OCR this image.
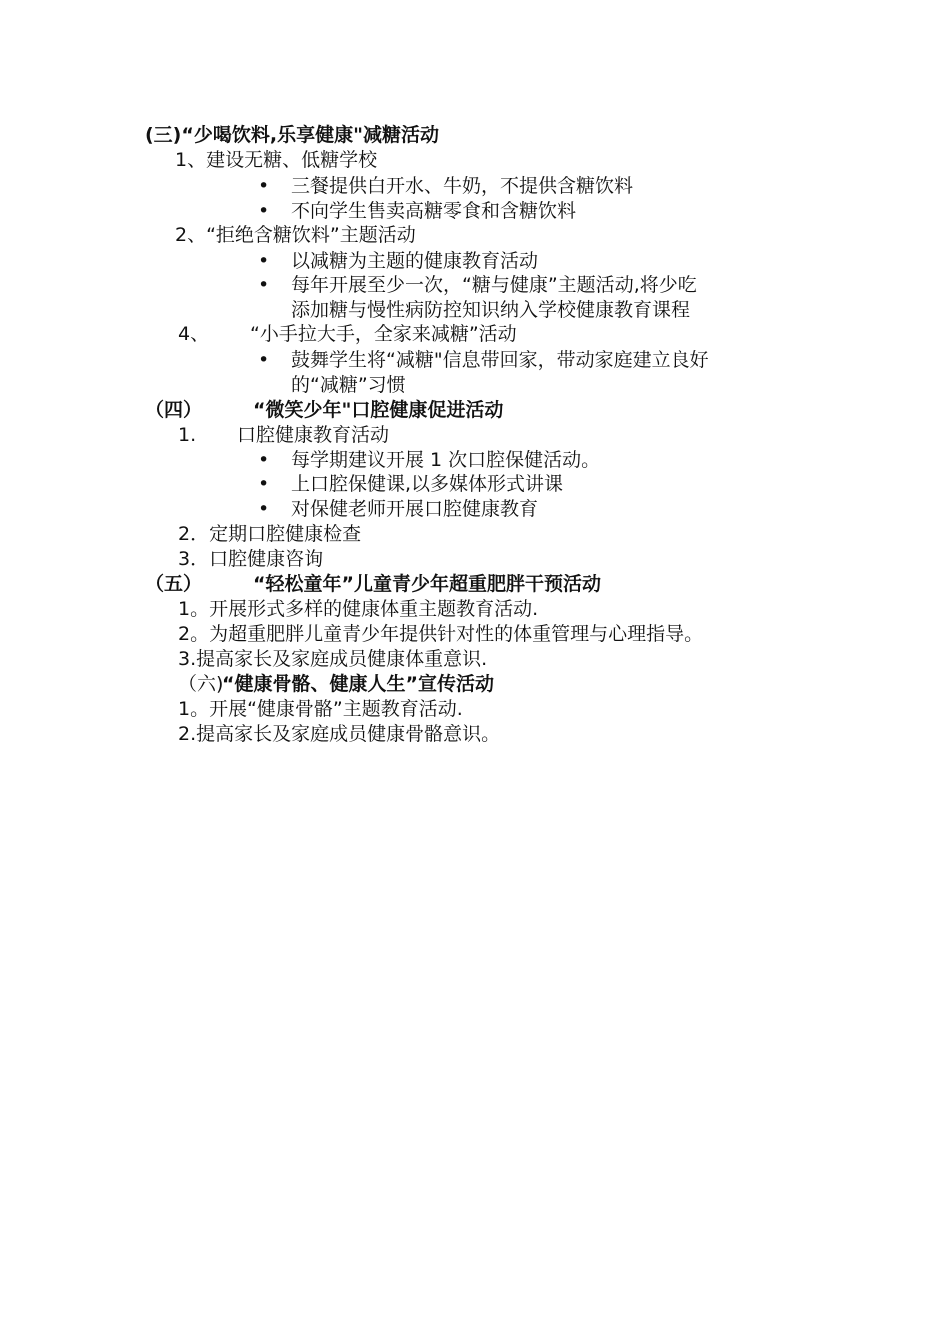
(三)“少喝饮料,乐享健康"减糖活动
1、建设无糖、低糖学校
• 三餐提供白开水、牛奶，不提供含糖饮料
• 不向学生售卖高糖零食和含糖饮料
2、“拒绝含糖饮料”主题活动
• 以减糖为主题的健康教育活动
• 每年开展至少一次，“糖与健康”主题活动,将少吃
添加糖与慢性病防控知识纳入学校健康教育课程
4、 “小手拉大手，全家来减糖”活动
• 鼓舞学生将“减糖"信息带回家，带动家庭建立良好
的“减糖”习惯
（四）	“微笑少年"口腔健康促进活动
1. 口腔健康教育活动
• 每学期建议开展 1 次口腔保健活动。
• 上口腔保健课,以多媒体形式讲课
• 对保健老师开展口腔健康教育
2．定期口腔健康检查
3．口腔健康咨询
（五）	“轻松童年”儿童青少年超重肥胖干预活动
1。开展形式多样的健康体重主题教育活动.
2。为超重肥胖儿童青少年提供针对性的体重管理与心理指导。
3.提高家长及家庭成员健康体重意识.
（六)
“健康骨骼、健康人生”宣传活动
1。开展“健康骨骼”主题教育活动.
2.提高家长及家庭成员健康骨骼意识。
